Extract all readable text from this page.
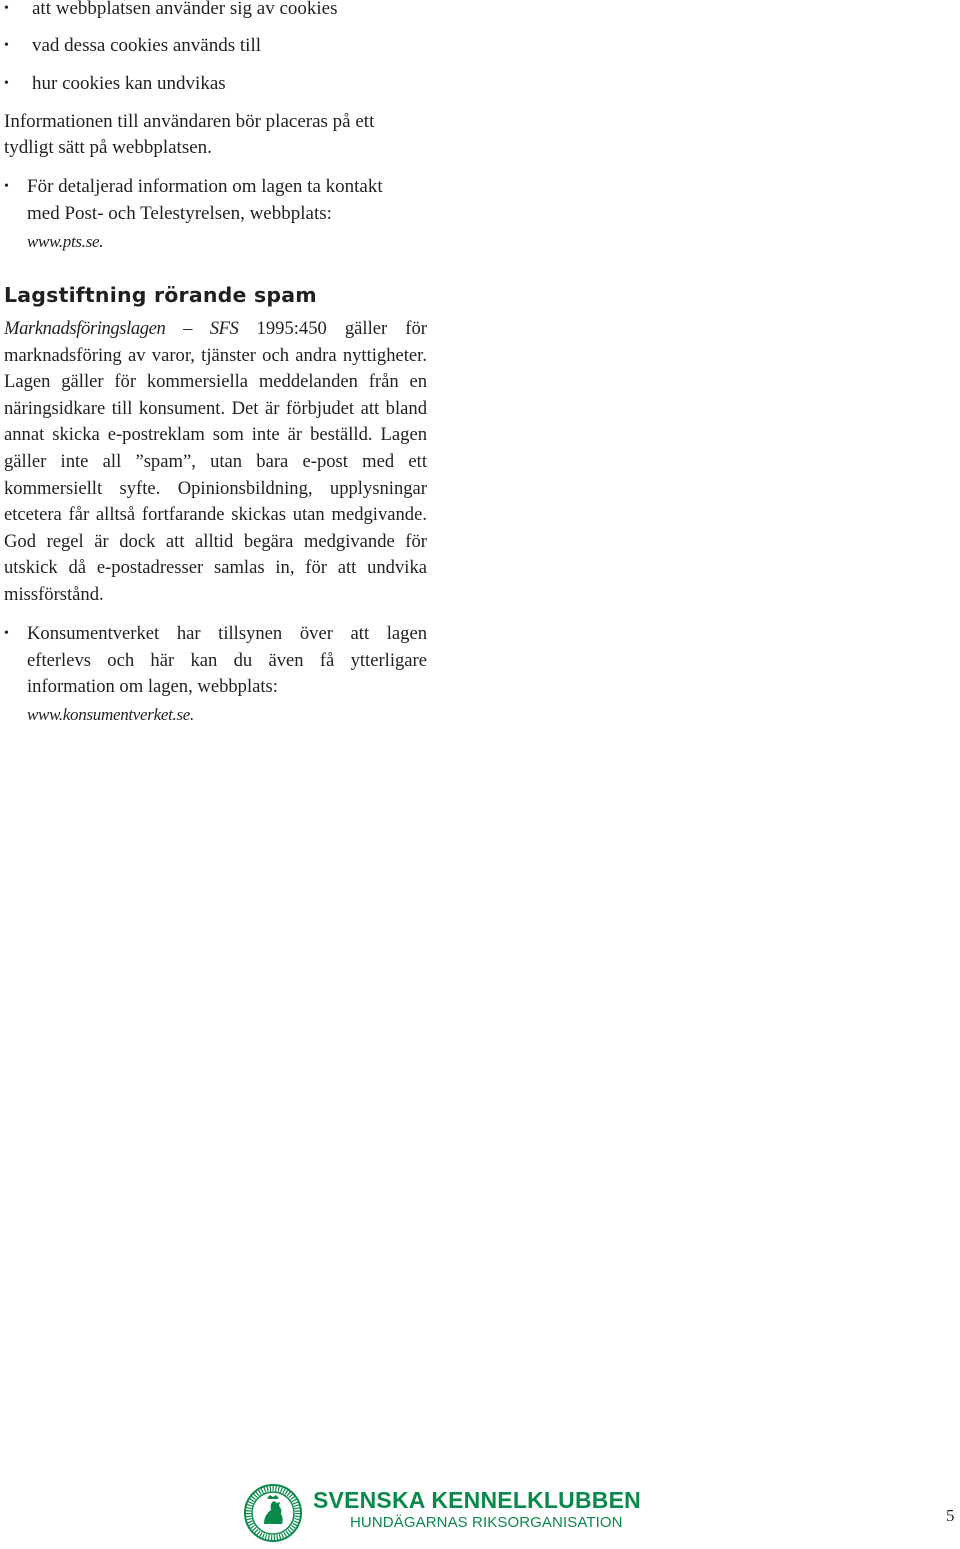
• att webbplatsen använder sig av cookies
• vad dessa cookies används till
• hur cookies kan undvikas
Informationen till användaren bör placeras på ett
tydligt sätt på webbplatsen.
• För detaljerad information om lagen ta kontakt
med Post- och Telestyrelsen, webbplats:
www.pts.se.
Lagstiftning rörande spam
Marknadsföringslagen – SFS 1995:450 gäller för marknadsföring av varor, tjänster och andra nyttigheter. Lagen gäller för kommersiella meddelanden från en näringsidkare till konsument. Det är förbjudet att bland annat skicka e-postreklam som inte är beställd. Lagen gäller inte all ”spam”, utan bara e-post med ett kommersiellt syfte. Opinionsbildning, upplysningar etcetera får alltså fortfarande skickas utan medgivande. God regel är dock att alltid begära medgivande för utskick då e-postadresser samlas in, för att undvika missförstånd.
• Konsumentverket har tillsynen över att lagen efterlevs och här kan du även få ytterligare information om lagen, webbplats:
www.konsumentverket.se.
SVENSKA KENNELKLUBBEN
HUNDÄGARNAS RIKSORGANISATION	5
